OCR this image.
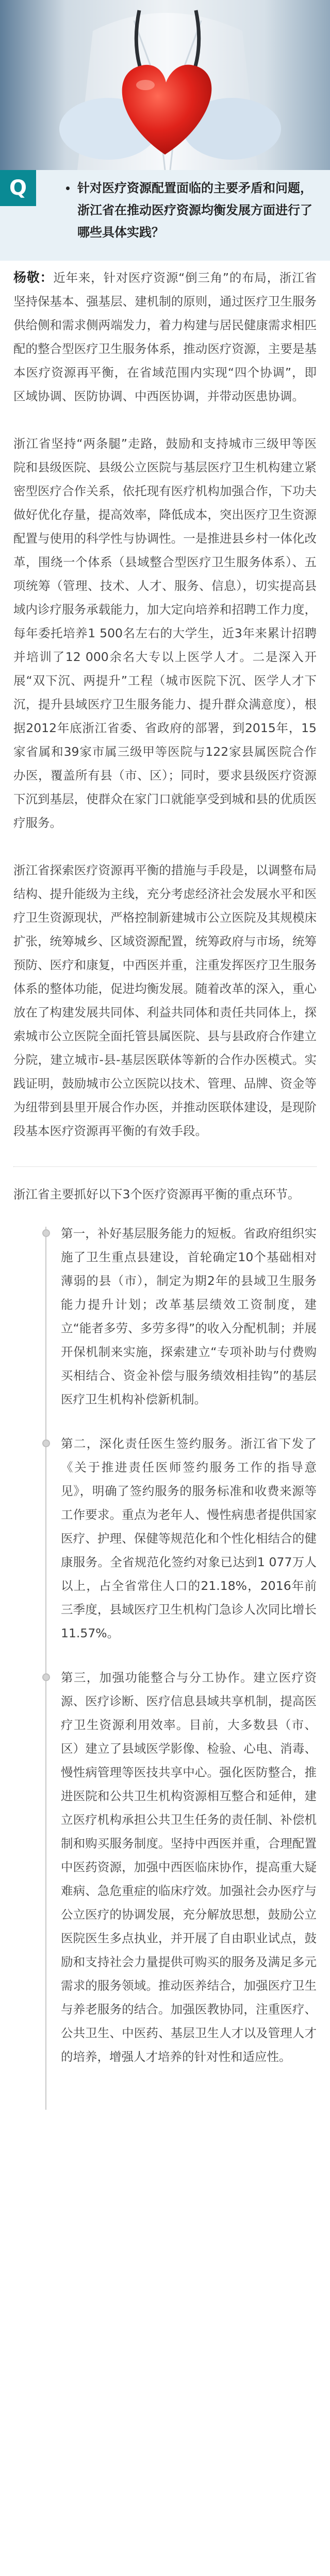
Q	针对医疗资源配置面临的主要矛盾和问题，浙江省在推动医疗资源均衡发展方面进行了哪些具体实践？

杨敬：近年来，针对医疗资源“倒三角”的布局，浙江省坚持保基本、强基层、建机制的原则，通过医疗卫生服务供给侧和需求侧两端发力，着力构建与居民健康需求相匹配的整合型医疗卫生服务体系，推动医疗资源，主要是基本医疗资源再平衡，在省域范围内实现“四个协调”，即区域协调、医防协调、中西医协调，并带动医患协调。

浙江省坚持“两条腿”走路，鼓励和支持城市三级甲等医院和县级医院、县级公立医院与基层医疗卫生机构建立紧密型医疗合作关系，依托现有医疗机构加强合作，下功夫做好优化存量，提高效率，降低成本，突出医疗卫生资源配置与使用的科学性与协调性。一是推进县乡村一体化改革，围绕一个体系（县域整合型医疗卫生服务体系）、五项统筹（管理、技术、人才、服务、信息），切实提高县域内诊疗服务承载能力，加大定向培养和招聘工作力度，每年委托培养1 500名左右的大学生，近3年来累计招聘并培训了12 000余名大专以上医学人才。二是深入开展“双下沉、两提升”工程（城市医院下沉、医学人才下沉，提升县域医疗卫生服务能力、提升群众满意度），根据2012年底浙江省委、省政府的部署，到2015年，15家省属和39家市属三级甲等医院与122家县属医院合作办医，覆盖所有县（市、区）；同时，要求县级医疗资源下沉到基层，使群众在家门口就能享受到城和县的优质医疗服务。

浙江省探索医疗资源再平衡的措施与手段是，以调整布局结构、提升能级为主线，充分考虑经济社会发展水平和医疗卫生资源现状，严格控制新建城市公立医院及其规模床扩张，统筹城乡、区域资源配置，统筹政府与市场，统筹预防、医疗和康复，中西医并重，注重发挥医疗卫生服务体系的整体功能，促进均衡发展。随着改革的深入，重心放在了构建发展共同体、利益共同体和责任共同体上，探索城市公立医院全面托管县属医院、县与县政府合作建立分院，建立城市-县-基层医联体等新的合作办医模式。实践证明，鼓励城市公立医院以技术、管理、品牌、资金等为纽带到县里开展合作办医，并推动医联体建设，是现阶段基本医疗资源再平衡的有效手段。

浙江省主要抓好以下3个医疗资源再平衡的重点环节。

第一，补好基层服务能力的短板。省政府组织实施了卫生重点县建设，首轮确定10个基础相对薄弱的县（市），制定为期2年的县域卫生服务能力提升计划；改革基层绩效工资制度，建立“能者多劳、多劳多得”的收入分配机制；并展开保机制来实施，探索建立“专项补助与付费购买相结合、资金补偿与服务绩效相挂钩”的基层医疗卫生机构补偿新机制。

第二，深化责任医生签约服务。浙江省下发了《关于推进责任医师签约服务工作的指导意见》，明确了签约服务的服务标准和收费来源等工作要求。重点为老年人、慢性病患者提供国家医疗、护理、保健等规范化和个性化相结合的健康服务。全省规范化签约对象已达到1 077万人以上，占全省常住人口的21.18%，2016年前三季度，县域医疗卫生机构门急诊人次同比增长11.57%。

第三，加强功能整合与分工协作。建立医疗资源、医疗诊断、医疗信息县域共享机制，提高医疗卫生资源利用效率。目前，大多数县（市、区）建立了县域医学影像、检验、心电、消毒、慢性病管理等医技共享中心。强化医防整合，推进医院和公共卫生机构资源相互整合和延伸，建立医疗机构承担公共卫生任务的责任制、补偿机制和购买服务制度。坚持中西医并重，合理配置中医药资源，加强中西医临床协作，提高重大疑难病、急危重症的临床疗效。加强社会办医疗与公立医疗的协调发展，充分解放思想，鼓励公立医院医生多点执业，并开展了自由职业试点，鼓励和支持社会力量提供可购买的服务及满足多元需求的服务领域。推动医养结合，加强医疗卫生与养老服务的结合。加强医教协同，注重医疗、公共卫生、中医药、基层卫生人才以及管理人才的培养，增强人才培养的针对性和适应性。
